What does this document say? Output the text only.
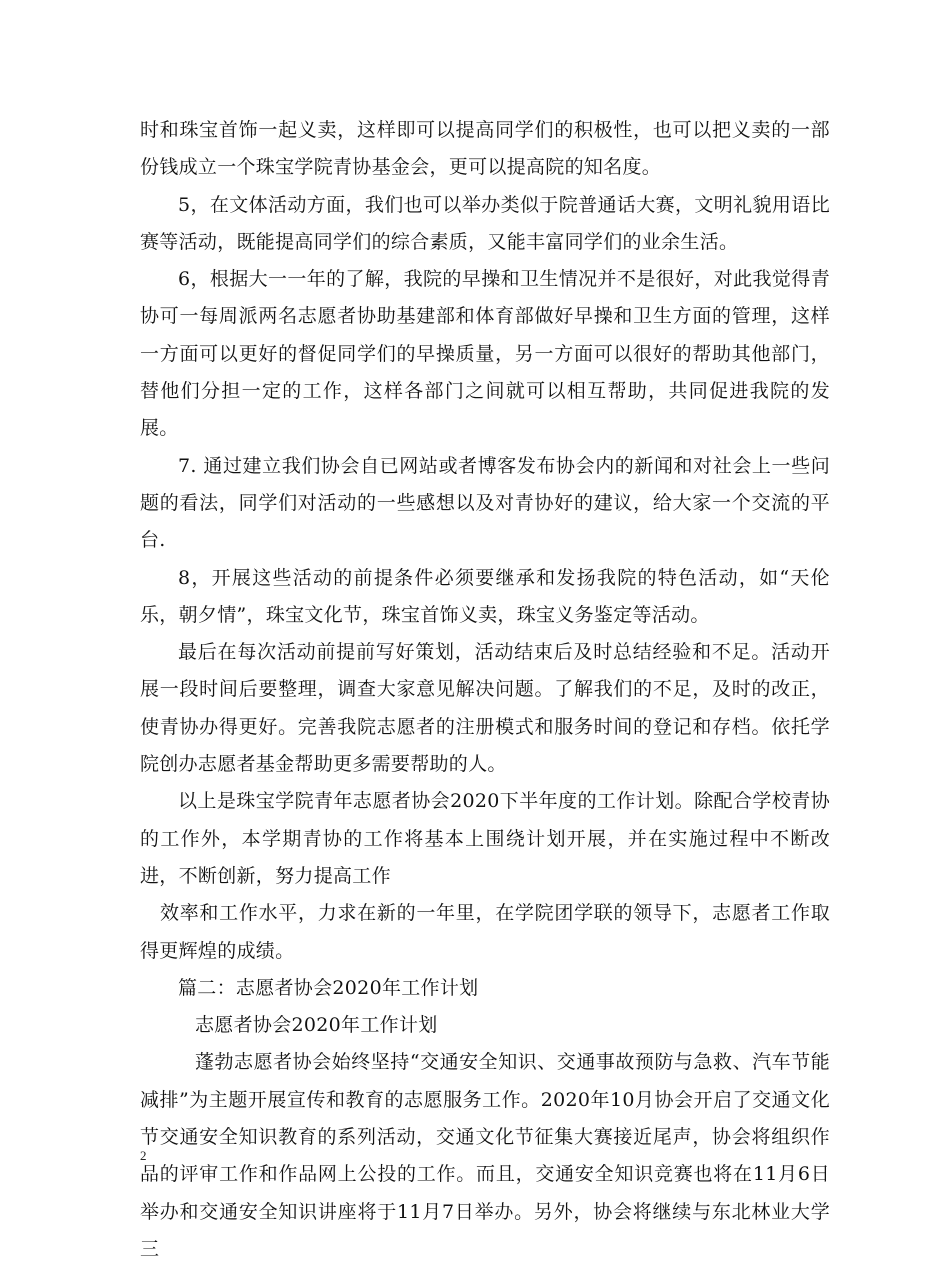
时和珠宝首饰一起义卖，这样即可以提高同学们的积极性，也可以把义卖的一部份钱成立一个珠宝学院青协基金会，更可以提高院的知名度。

5，在文体活动方面，我们也可以举办类似于院普通话大赛，文明礼貌用语比赛等活动，既能提高同学们的综合素质，又能丰富同学们的业余生活。

6，根据大一一年的了解，我院的早操和卫生情况并不是很好，对此我觉得青协可一每周派两名志愿者协助基建部和体育部做好早操和卫生方面的管理，这样一方面可以更好的督促同学们的早操质量，另一方面可以很好的帮助其他部门，替他们分担一定的工作，这样各部门之间就可以相互帮助，共同促进我院的发展。

7. 通过建立我们协会自已网站或者博客发布协会内的新闻和对社会上一些问题的看法，同学们对活动的一些感想以及对青协好的建议，给大家一个交流的平台.

8，开展这些活动的前提条件必须要继承和发扬我院的特色活动，如“天伦乐，朝夕情”，珠宝文化节，珠宝首饰义卖，珠宝义务鉴定等活动。

最后在每次活动前提前写好策划，活动结束后及时总结经验和不足。活动开展一段时间后要整理，调查大家意见解决问题。了解我们的不足，及时的改正，使青协办得更好。完善我院志愿者的注册模式和服务时间的登记和存档。依托学院创办志愿者基金帮助更多需要帮助的人。

以上是珠宝学院青年志愿者协会2020下半年度的工作计划。除配合学校青协的工作外，本学期青协的工作将基本上围绕计划开展，并在实施过程中不断改进，不断创新，努力提高工作

效率和工作水平，力求在新的一年里，在学院团学联的领导下，志愿者工作取得更辉煌的成绩。

篇二：志愿者协会2020年工作计划

志愿者协会2020年工作计划

蓬勃志愿者协会始终坚持“交通安全知识、交通事故预防与急救、汽车节能减排”为主题开展宣传和教育的志愿服务工作。2020年10月协会开启了交通文化节交通安全知识教育的系列活动，交通文化节征集大赛接近尾声，协会将组织作品的评审工作和作品网上公投的工作。而且，交通安全知识竞赛也将在11月6日举办和交通安全知识讲座将于11月7日举办。另外，协会将继续与东北林业大学三

2
